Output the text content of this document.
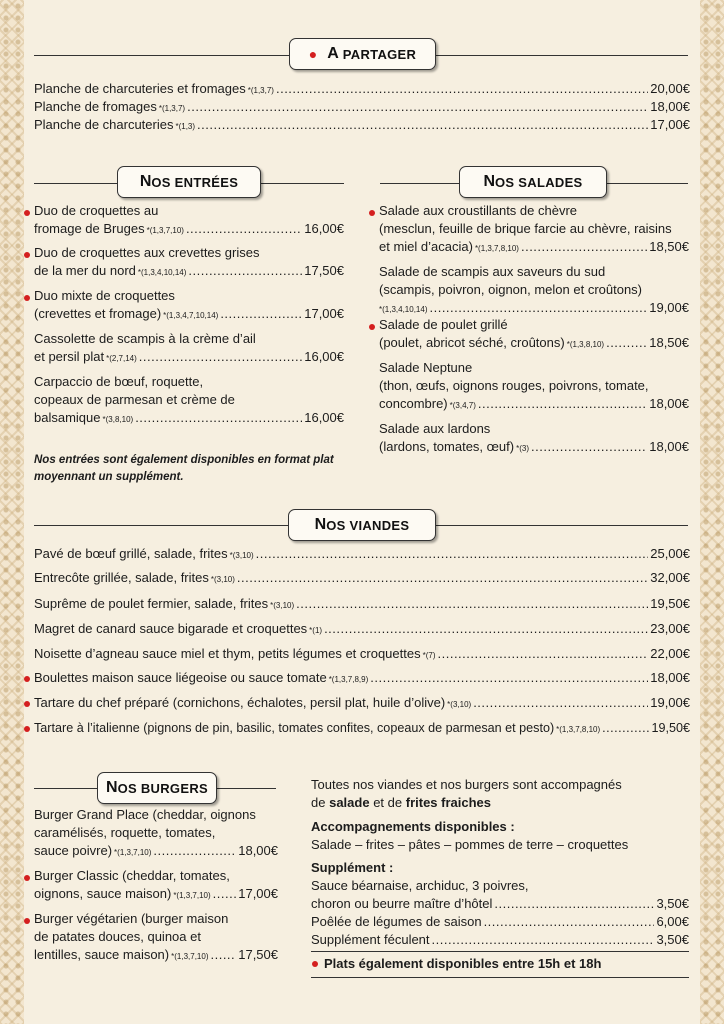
● A PARTAGER
Planche de charcuteries et fromages *(1,3,7) .....	20,00€
Planche de fromages *(1,3,7) .....	18,00€
Planche de charcuteries *(1,3) .....	17,00€
N OS ENTRÉES
Duo de croquettes au
fromage de Bruges *(1,3,7,10) .....	16,00€
Duo de croquettes aux crevettes grises
de la mer du nord *(1,3,4,10,14) .....	17,50€
Duo mixte de croquettes
(crevettes et fromage) *(1,3,4,7,10,14) .....	17,00€
Cassolette de scampis à la crème d’ail
et persil plat *(2,7,14) .....	16,00€
Carpaccio de bœuf, roquette,
copeaux de parmesan et crème de
balsamique *(3,8,10) .....	16,00€
Nos entrées sont également disponibles en format plat
moyennant un supplément.
N OS SALADES
Salade aux croustillants de chèvre
(mesclun, feuille de brique farcie au chèvre, raisins
et miel d’acacia) *(1,3,7,8,10) .....	18,50€
Salade de scampis aux saveurs du sud
(scampis, poivron, oignon, melon et croûtons)
*(1,3,4,10,14) .....	19,00€
Salade de poulet grillé
(poulet, abricot séché, croûtons) *(1,3,8,10) .....	18,50€
Salade Neptune
(thon, œufs, oignons rouges, poivrons, tomate,
concombre) *(3,4,7) .....	18,00€
Salade aux lardons
(lardons, tomates, œuf) *(3) .....	18,00€
N OS VIANDES
Pavé de bœuf grillé, salade, frites *(3,10) .....	25,00€
Entrecôte grillée, salade, frites *(3,10) .....	32,00€
Suprême de poulet fermier, salade, frites *(3,10) .....	19,50€
Magret de canard sauce bigarade et croquettes *(1) .....	23,00€
Noisette d’agneau sauce miel et thym, petits légumes et croquettes *(7) .....	22,00€
Boulettes maison sauce liégeoise ou sauce tomate *(1,3,7,8,9) .....	18,00€
Tartare du chef préparé (cornichons, échalotes, persil plat, huile d’olive) *(3,10) .....	19,00€
Tartare à l’italienne (pignons de pin, basilic, tomates confites, copeaux de parmesan et pesto) *(1,3,7,8,10) .....	19,50€
N OS BURGERS
Burger Grand Place (cheddar, oignons
caramélisés, roquette, tomates,
sauce poivre) *(1,3,7,10) .....	18,00€
Burger Classic (cheddar, tomates,
oignons, sauce maison) *(1,3,7,10) ..... 17,00€
Burger végétarien (burger maison
de patates douces, quinoa et
lentilles, sauce maison) *(1,3,7,10) ..... 17,50€
Toutes nos viandes et nos burgers sont accompagnés
de salade et de frites fraiches
Accompagnements disponibles :
Salade – frites – pâtes – pommes de terre – croquettes
Supplément :
Sauce béarnaise, archiduc, 3 poivres,
choron ou beurre maître d’hôtel .....	3,50€
Poêlée de légumes de saison .....	6,00€
Supplément féculent .....	3,50€
Plats également disponibles entre 15h et 18h
